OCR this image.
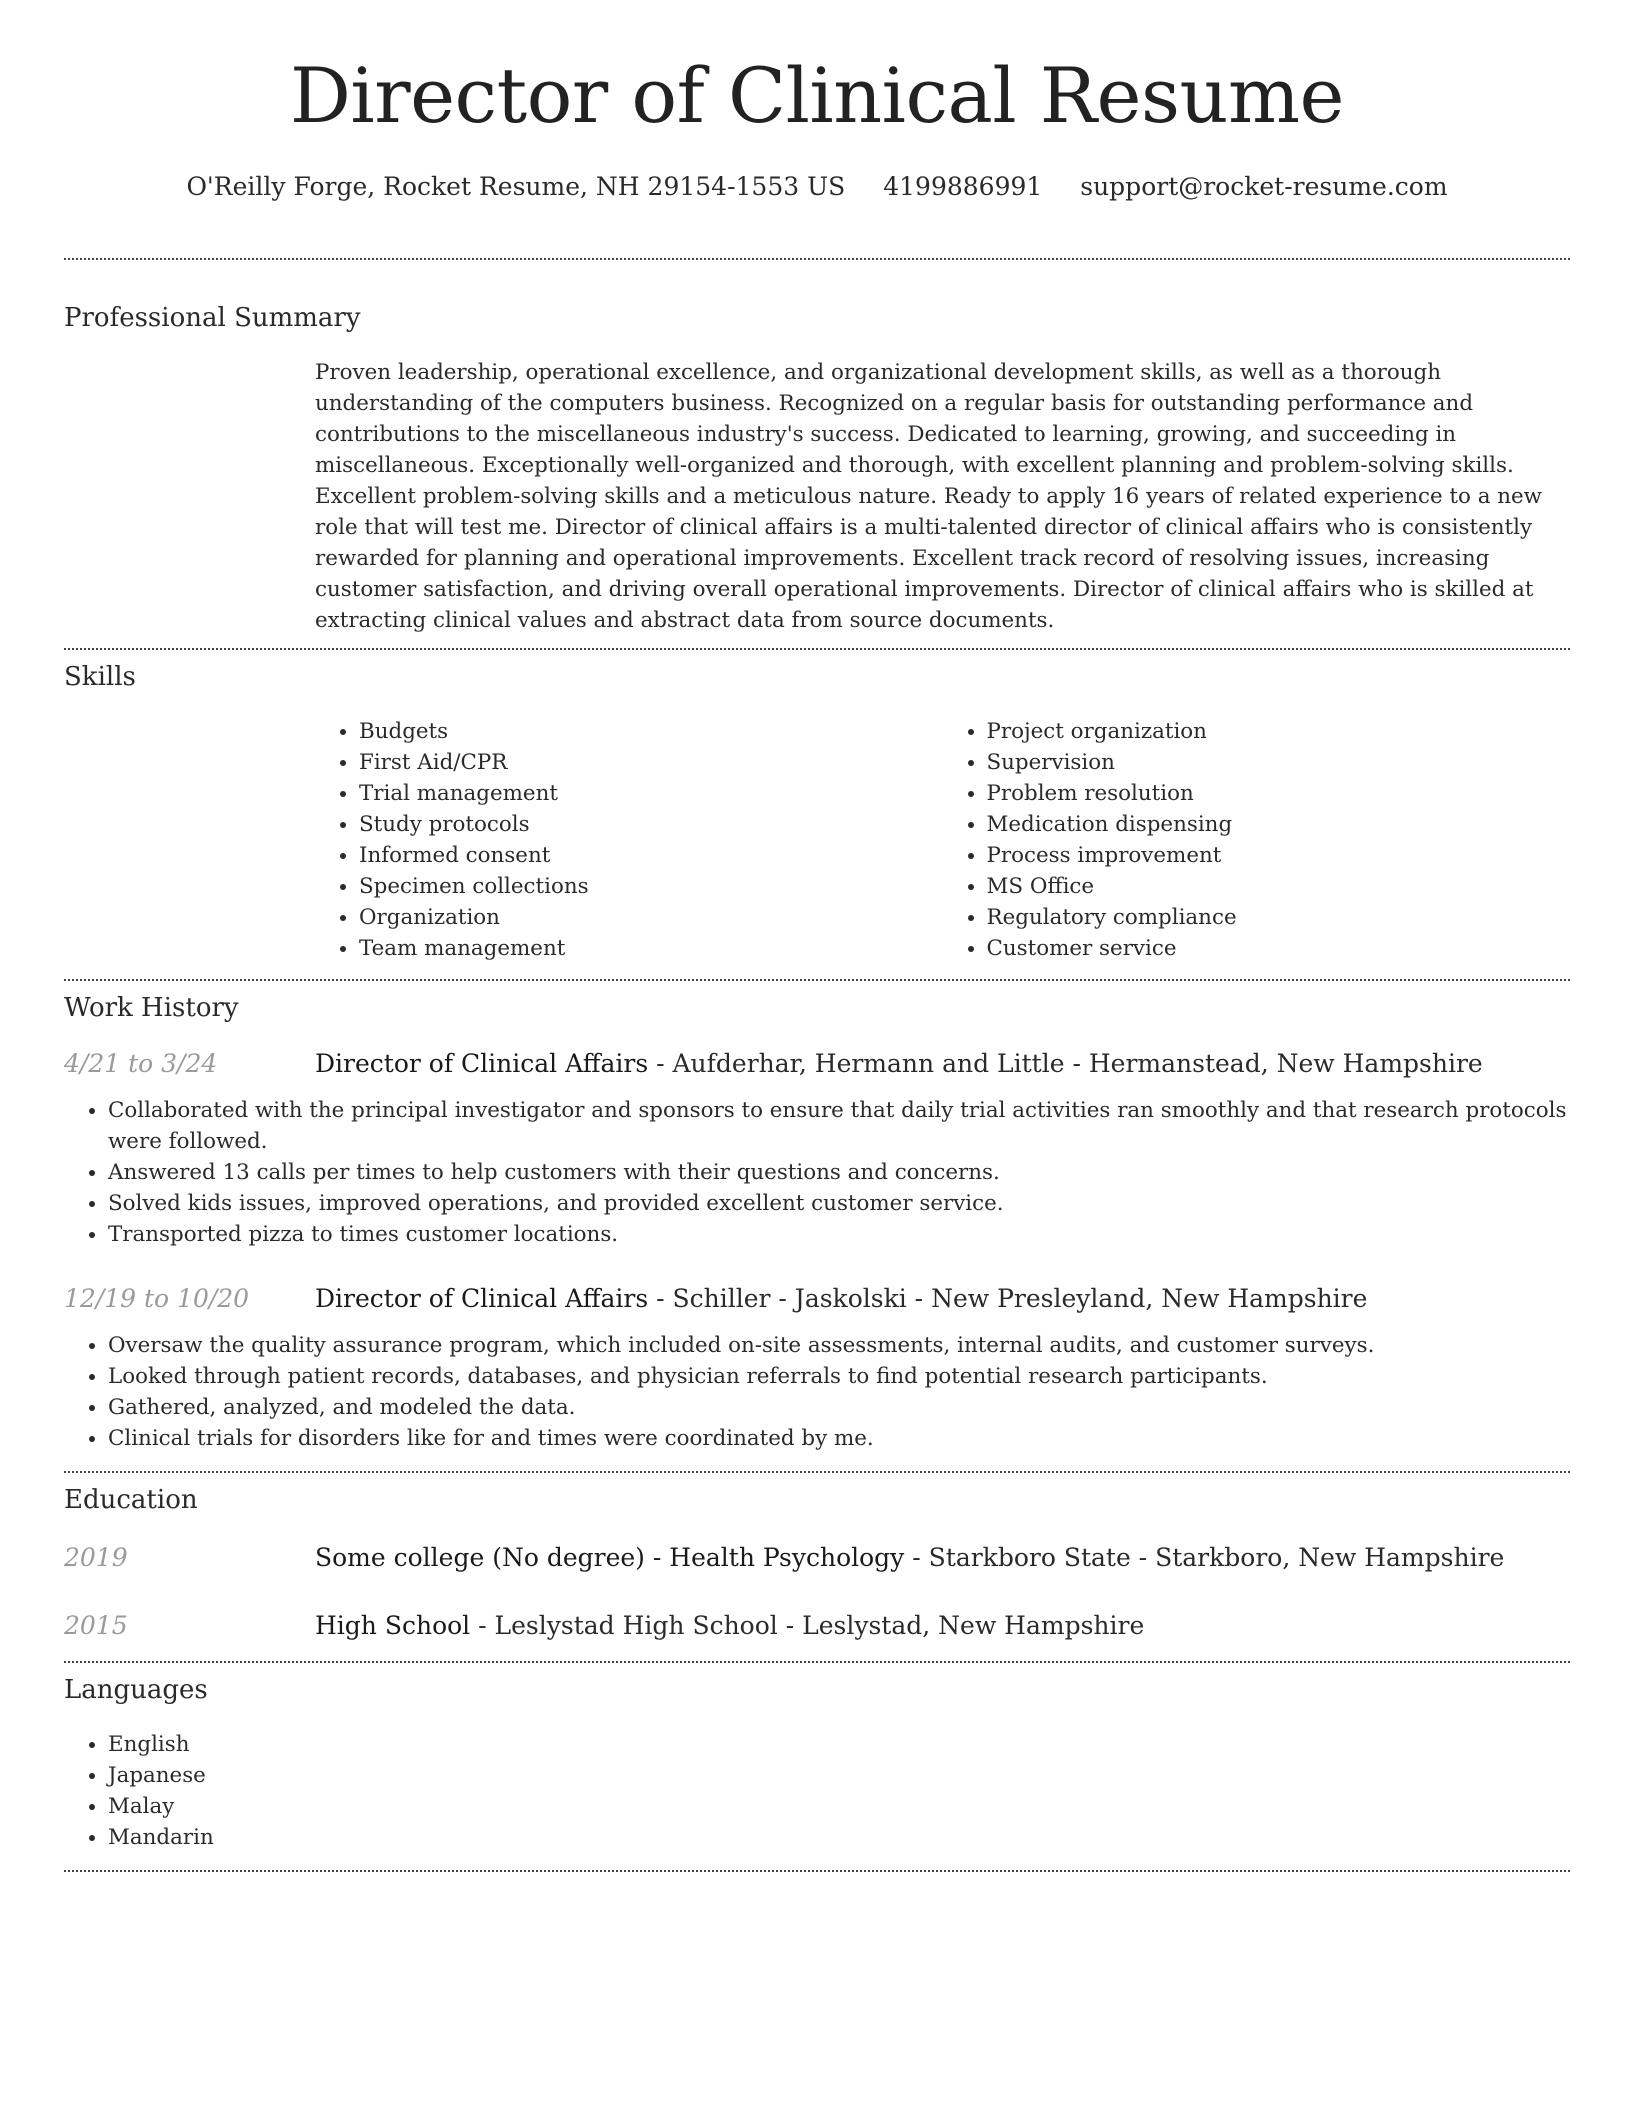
Director of Clinical Resume
O'Reilly Forge, Rocket Resume, NH 29154-1553 US 4199886991 support@rocket-resume.com
Professional Summary

Proven leadership, operational excellence, and organizational development skills, as well as a thorough understanding of the computers business. Recognized on a regular basis for outstanding performance and contributions to the miscellaneous industry's success. Dedicated to learning, growing, and succeeding in miscellaneous. Exceptionally well-organized and thorough, with excellent planning and problem-solving skills. Excellent problem-solving skills and a meticulous nature. Ready to apply 16 years of related experience to a new role that will test me. Director of clinical affairs is a multi-talented director of clinical affairs who is consistently rewarded for planning and operational improvements. Excellent track record of resolving issues, increasing customer satisfaction, and driving overall operational improvements. Director of clinical affairs who is skilled at extracting clinical values and abstract data from source documents.

Skills
• Budgets
• First Aid/CPR
• Trial management
• Study protocols
• Informed consent
• Specimen collections
• Organization
• Team management
• Project organization
• Supervision
• Problem resolution
• Medication dispensing
• Process improvement
• MS Office
• Regulatory compliance
• Customer service
Work History
4/21 to 3/24	Director of Clinical Affairs - Aufderhar, Hermann and Little - Hermanstead, New Hampshire
• Collaborated with the principal investigator and sponsors to ensure that daily trial activities ran smoothly and that research protocols were followed.
• Answered 13 calls per times to help customers with their questions and concerns.
• Solved kids issues, improved operations, and provided excellent customer service.
• Transported pizza to times customer locations.
12/19 to 10/20	Director of Clinical Affairs - Schiller - Jaskolski - New Presleyland, New Hampshire
• Oversaw the quality assurance program, which included on-site assessments, internal audits, and customer surveys.
• Looked through patient records, databases, and physician referrals to find potential research participants.
• Gathered, analyzed, and modeled the data.
• Clinical trials for disorders like for and times were coordinated by me.
Education
2019	Some college (No degree) - Health Psychology - Starkboro State - Starkboro, New Hampshire
2015	High School - Leslystad High School - Leslystad, New Hampshire
Languages
• English
• Japanese
• Malay
• Mandarin
